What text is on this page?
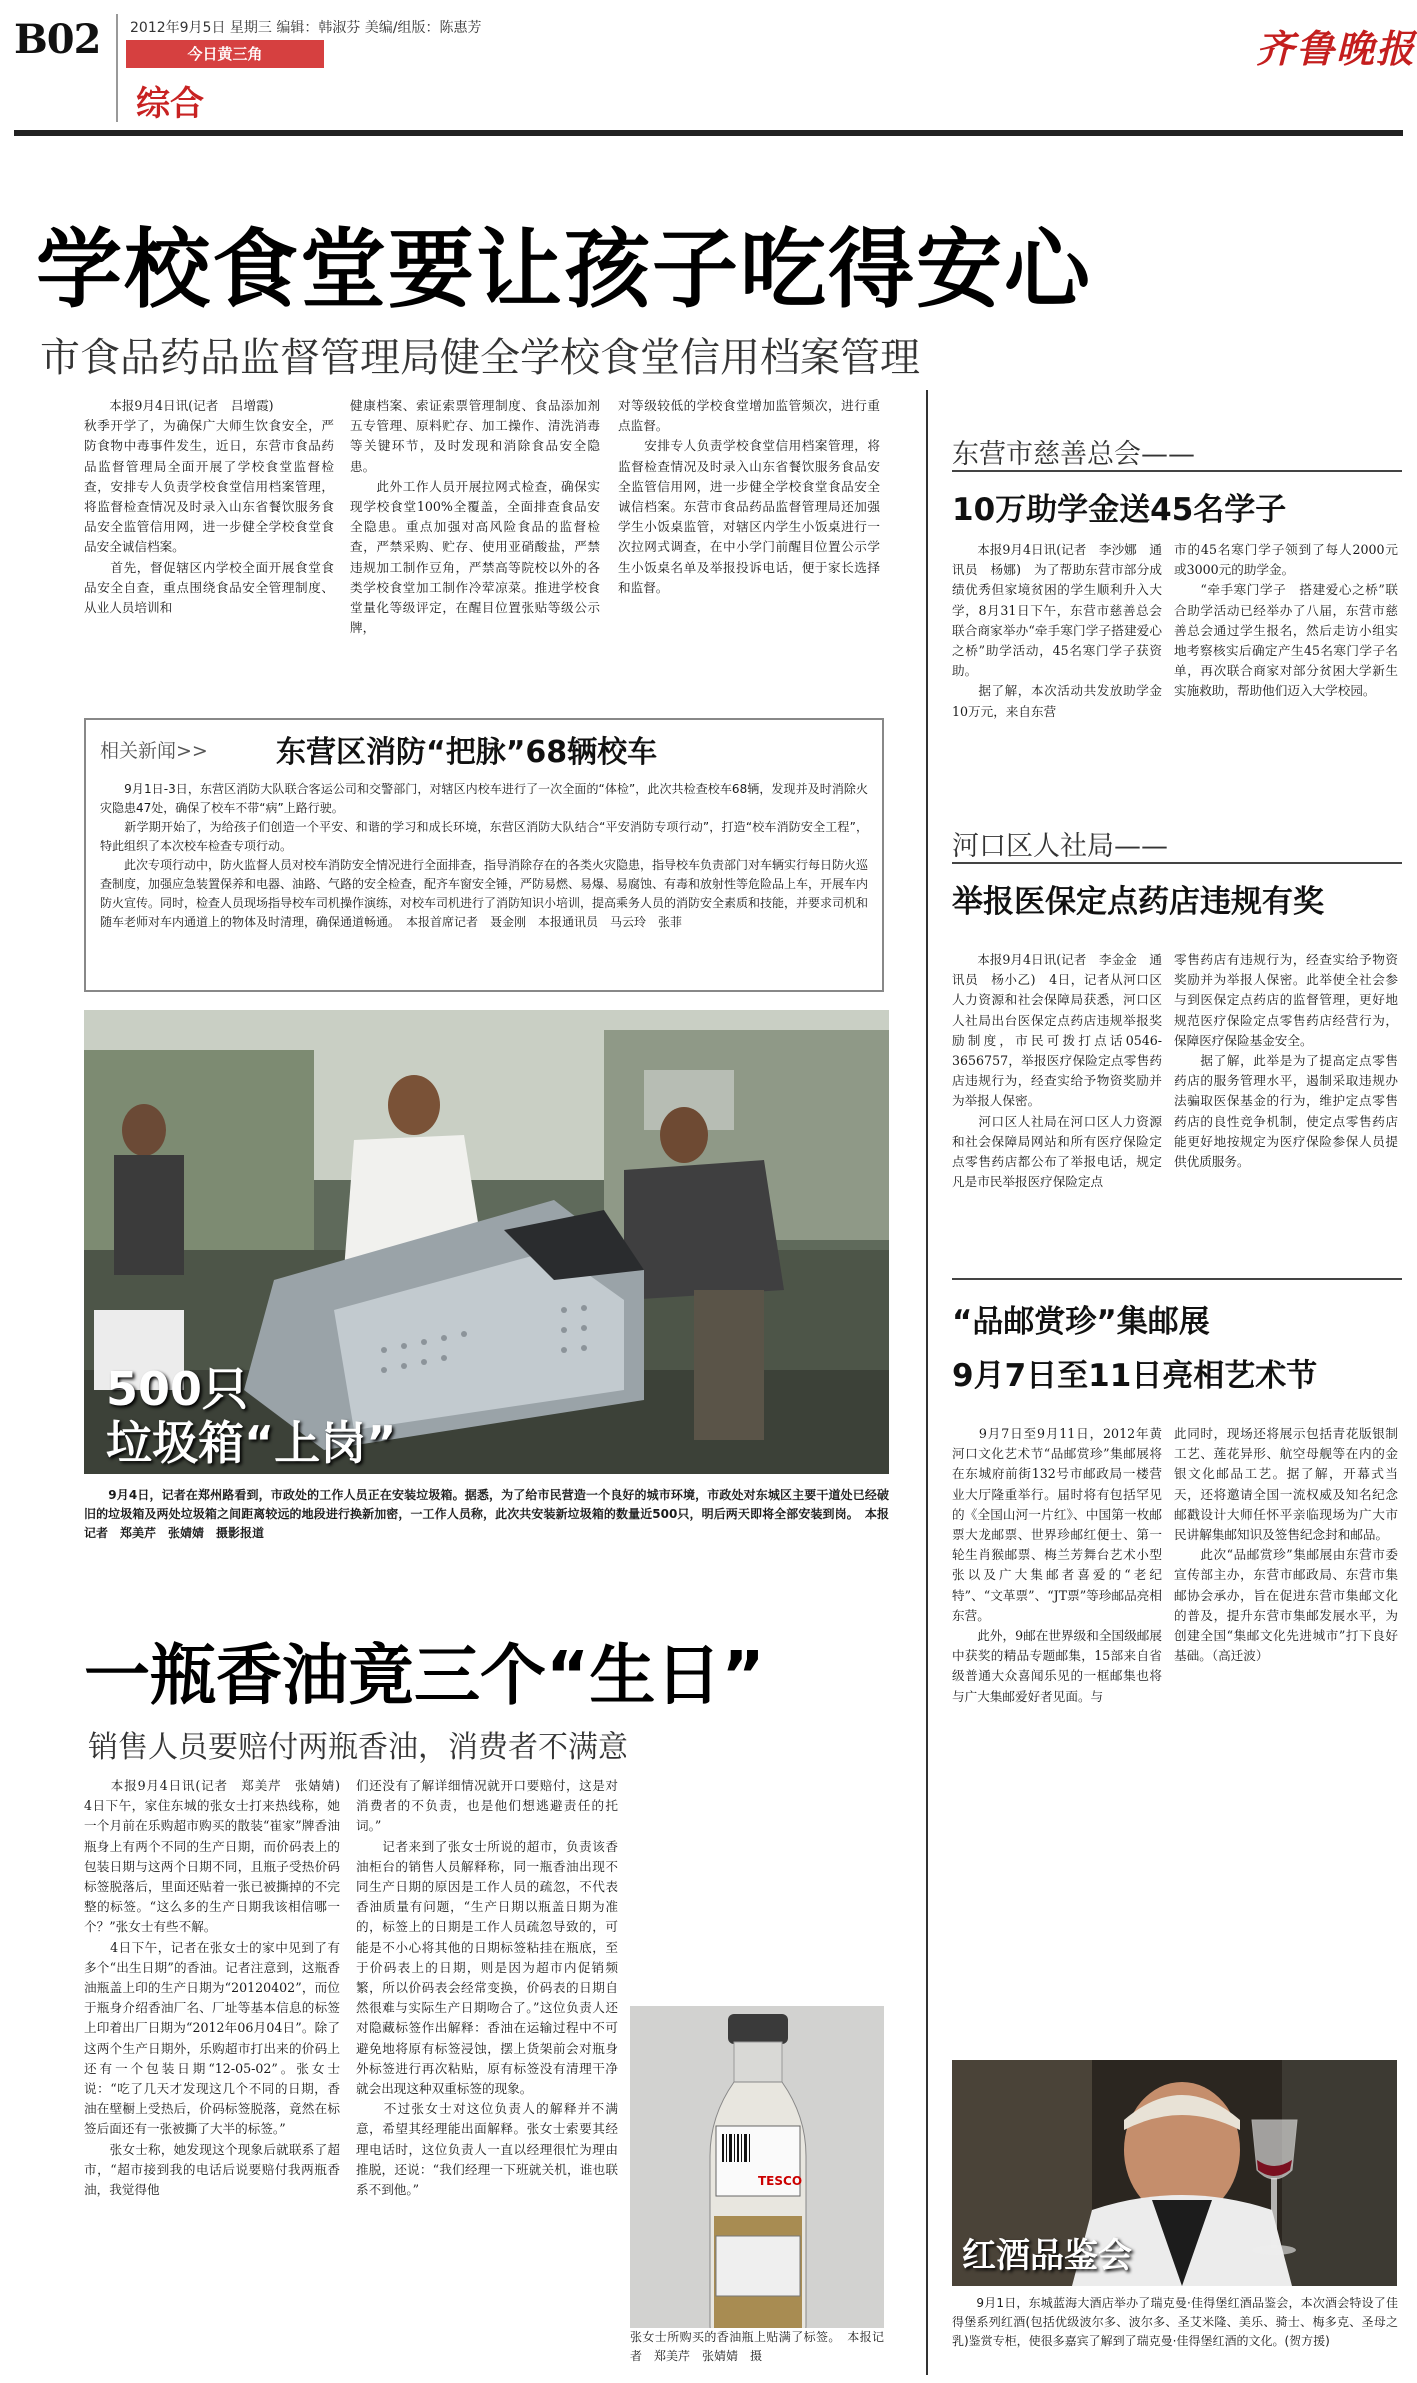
B02 2012年9月5日 星期三 编辑：韩淑芬 美编/组版：陈惠芳
今日黄三角
综合
齐鲁晚报
学校食堂要让孩子吃得安心
市食品药品监督管理局健全学校食堂信用档案管理
　　本报9月4日讯(记者　吕增霞)
秋季开学了，为确保广大师生饮食安全，严防食物中毒事件发生，近日，东营市食品药品监督管理局全面开展了学校食堂监督检查，安排专人负责学校食堂信用档案管理，将监督检查情况及时录入山东省餐饮服务食品安全监管信用网，进一步健全学校食堂食品安全诚信档案。
　　首先，督促辖区内学校全面开展食堂食品安全自查，重点围绕食品安全管理制度、从业人员培训和
健康档案、索证索票管理制度、食品添加剂五专管理、原料贮存、加工操作、清洗消毒等关键环节，及时发现和消除食品安全隐患。
　　此外工作人员开展拉网式检查，确保实现学校食堂100%全覆盖，全面排查食品安全隐患。重点加强对高风险食品的监督检查，严禁采购、贮存、使用亚硝酸盐，严禁违规加工制作豆角，严禁高等院校以外的各类学校食堂加工制作冷荤凉菜。推进学校食堂量化等级评定，在醒目位置张贴等级公示牌，
对等级较低的学校食堂增加监管频次，进行重点监督。
　　安排专人负责学校食堂信用档案管理，将监督检查情况及时录入山东省餐饮服务食品安全监管信用网，进一步健全学校食堂食品安全诚信档案。东营市食品药品监督管理局还加强学生小饭桌监管，对辖区内学生小饭桌进行一次拉网式调查，在中小学门前醒目位置公示学生小饭桌名单及举报投诉电话，便于家长选择和监督。
相关新闻>> 东营区消防“把脉”68辆校车
　　9月1日-3日，东营区消防大队联合客运公司和交警部门，对辖区内校车进行了一次全面的“体检”，此次共检查校车68辆，发现并及时消除火灾隐患47处，确保了校车不带“病”上路行驶。
　　新学期开始了，为给孩子们创造一个平安、和谐的学习和成长环境，东营区消防大队结合“平安消防专项行动”，打造“校车消防安全工程”，特此组织了本次校车检查专项行动。
　　此次专项行动中，防火监督人员对校车消防安全情况进行全面排查，指导消除存在的各类火灾隐患，指导校车负责部门对车辆实行每日防火巡查制度，加强应急装置保养和电器、油路、气路的安全检查，配齐车窗安全锤，严防易燃、易爆、易腐蚀、有毒和放射性等危险品上车，开展车内防火宣传。同时，检查人员现场指导校车司机操作演练，对校车司机进行了消防知识小培训，提高乘务人员的消防安全素质和技能，并要求司机和随车老师对车内通道上的物体及时清理，确保通道畅通。　本报首席记者　聂金刚　本报通讯员　马云玲　张菲
500只
垃圾箱“上岗”
　　9月4日，记者在郑州路看到，市政处的工作人员正在安装垃圾箱。据悉，为了给市民营造一个良好的城市环境，市政处对东城区主要干道处已经破旧的垃圾箱及两处垃圾箱之间距离较远的地段进行换新加密，一工作人员称，此次共安装新垃圾箱的数量近500只，明后两天即将全部安装到岗。　本报记者　郑美芹　张婧婧　摄影报道
一瓶香油竟三个“生日”
销售人员要赔付两瓶香油，消费者不满意
　　本报9月4日讯(记者　郑美芹　张婧婧)　4日下午，家住东城的张女士打来热线称，她一个月前在乐购超市购买的散装“崔家”牌香油瓶身上有两个不同的生产日期，而价码表上的包装日期与这两个日期不同，且瓶子受热价码标签脱落后，里面还贴着一张已被撕掉的不完整的标签。“这么多的生产日期我该相信哪一个？”张女士有些不解。
　　4日下午，记者在张女士的家中见到了有多个“出生日期”的香油。记者注意到，这瓶香油瓶盖上印的生产日期为“20120402”，而位于瓶身介绍香油厂名、厂址等基本信息的标签上印着出厂日期为“2012年06月04日”。除了这两个生产日期外，乐购超市打出来的价码上还有一个包装日期“12-05-02”。张女士说：“吃了几天才发现这几个不同的日期，香油在壁橱上受热后，价码标签脱落，竟然在标签后面还有一张被撕了大半的标签。”
　　张女士称，她发现这个现象后就联系了超市，“超市接到我的电话后说要赔付我两瓶香油，我觉得他
们还没有了解详细情况就开口要赔付，这是对消费者的不负责，也是他们想逃避责任的托词。”
　　记者来到了张女士所说的超市，负责该香油柜台的销售人员解释称，同一瓶香油出现不同生产日期的原因是工作人员的疏忽，不代表香油质量有问题，“生产日期以瓶盖日期为准的，标签上的日期是工作人员疏忽导致的，可能是不小心将其他的日期标签粘挂在瓶底，至于价码表上的日期，则是因为超市内促销频繁，所以价码表会经常变换，价码表的日期自然很难与实际生产日期吻合了。”这位负责人还对隐藏标签作出解释：香油在运输过程中不可避免地将原有标签浸蚀，摆上货架前会对瓶身外标签进行再次粘贴，原有标签没有清理干净就会出现这种双重标签的现象。
　　不过张女士对这位负责人的解释并不满意，希望其经理能出面解释。张女士索要其经理电话时，这位负责人一直以经理很忙为理由推脱，还说：“我们经理一下班就关机，谁也联系不到他。”
TESCO
张女士所购买的香油瓶上贴满了标签。　本报记者　郑美芹　张婧婧　摄
东营市慈善总会——
10万助学金送45名学子
　　本报9月4日讯(记者　李沙娜　通讯员　杨娜)　为了帮助东营市部分成绩优秀但家境贫困的学生顺利升入大学，8月31日下午，东营市慈善总会联合商家举办“牵手寒门学子搭建爱心之桥”助学活动，45名寒门学子获资助。
　　据了解，本次活动共发放助学金10万元，来自东营
市的45名寒门学子领到了每人2000元或3000元的助学金。
　　“牵手寒门学子　搭建爱心之桥”联合助学活动已经举办了八届，东营市慈善总会通过学生报名，然后走访小组实地考察核实后确定产生45名寒门学子名单，再次联合商家对部分贫困大学新生实施救助，帮助他们迈入大学校园。
河口区人社局——
举报医保定点药店违规有奖
　　本报9月4日讯(记者　李金金　通讯员　杨小乙)　4日，记者从河口区人力资源和社会保障局获悉，河口区人社局出台医保定点药店违规举报奖励制度，市民可拨打点话0546-3656757，举报医疗保险定点零售药店违规行为，经查实给予物资奖励并为举报人保密。
　　河口区人社局在河口区人力资源和社会保障局网站和所有医疗保险定点零售药店都公布了举报电话，规定凡是市民举报医疗保险定点
零售药店有违规行为，经查实给予物资奖励并为举报人保密。此举使全社会参与到医保定点药店的监督管理，更好地规范医疗保险定点零售药店经营行为，保障医疗保险基金安全。
　　据了解，此举是为了提高定点零售药店的服务管理水平，遏制采取违规办法骗取医保基金的行为，维护定点零售药店的良性竞争机制，使定点零售药店能更好地按规定为医疗保险参保人员提供优质服务。
“品邮赏珍”集邮展
9月7日至11日亮相艺术节
　　9月7日至9月11日，2012年黄河口文化艺术节“品邮赏珍”集邮展将在东城府前街132号市邮政局一楼营业大厅隆重举行。届时将有包括罕见的《全国山河一片红》、中国第一枚邮票大龙邮票、世界珍邮红便士、第一轮生肖猴邮票、梅兰芳舞台艺术小型张以及广大集邮者喜爱的“老纪特”、“文革票”、“JT票”等珍邮品亮相东营。
　　此外，9邮在世界级和全国级邮展中获奖的精品专题邮集，15部来自省级普通大众喜闻乐见的一框邮集也将与广大集邮爱好者见面。与
此同时，现场还将展示包括青花版银制工艺、莲花异形、航空母舰等在内的金银文化邮品工艺。据了解，开幕式当天，还将邀请全国一流权威及知名纪念邮戳设计大师任怀平亲临现场为广大市民讲解集邮知识及签售纪念封和邮品。
　　此次“品邮赏珍”集邮展由东营市委宣传部主办，东营市邮政局、东营市集邮协会承办，旨在促进东营市集邮文化的普及，提升东营市集邮发展水平，为创建全国“集邮文化先进城市”打下良好基础。（高迁波）
红酒品鉴会
　　9月1日，东城蓝海大酒店举办了瑞克曼·佳得堡红酒品鉴会，本次酒会特设了佳得堡系列红酒(包括优级波尔多、波尔多、圣艾米隆、美乐、骑士、梅多克、圣母之乳)鉴赏专柜，使很多嘉宾了解到了瑞克曼·佳得堡红酒的文化。(贺方援)
